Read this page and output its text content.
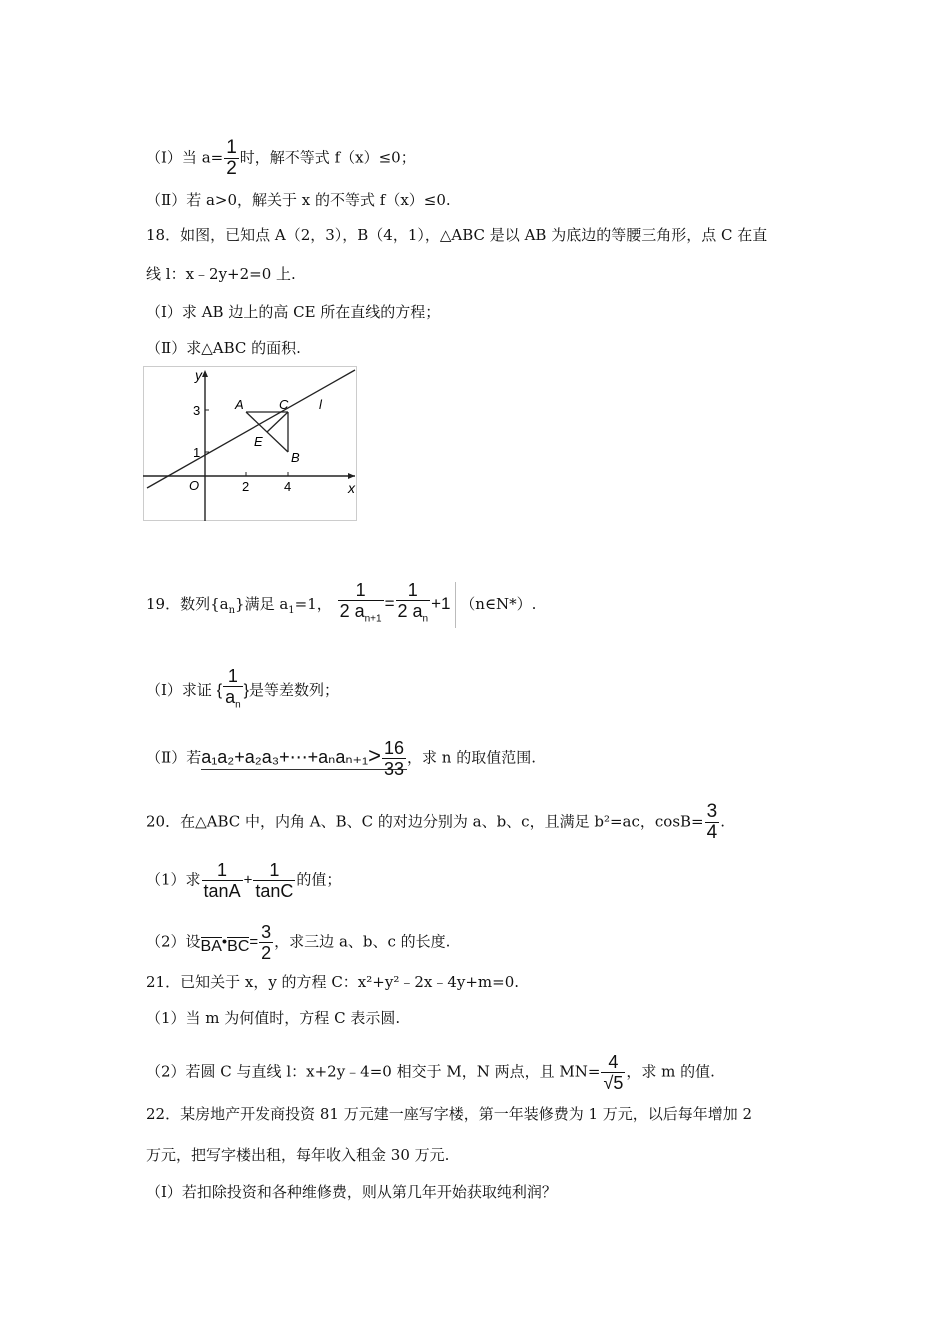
（Ⅰ）当 $a= \frac{1}{2}$ 时，解不等式 f（x）≤0；
（Ⅱ）若 a>0，解关于 x 的不等式 f（x）≤0.
18．如图，已知点 A（2，3），B（4，1），△ABC 是以 AB 为底边的等腰三角形，点 C 在直
线 l：x﹣2y+2=0 上.
（Ⅰ）求 AB 边上的高 CE 所在直线的方程；
（Ⅱ）求△ABC 的面积.
y
x
O	2	4
1
3	A	C
E
B
l
19．数列$\{a_n\}$满足 $a_1=1$， $\frac{1}{2 a_{n+1}} = \frac{1}{2 a_n} +1$ （n∈N*）.
（Ⅰ）求证 { $\frac{1}{a_n}$ }是等差数列；
（Ⅱ）若a₁a₂+a₂a₃+⋯+aₙaₙ₊₁> $\frac{16}{33}$ ，求 n 的取值范围.
20．在△ABC 中，内角 A、B、C 的对边分别为 a、b、c，且满足 b²=ac，$\cos B= \frac{3}{4}$ .
（1）求 $\frac{1}{\tan A} + \frac{1}{\tan C}$ 的值；
（2）设BA•BC= $\frac{3}{2}$ ，求三边 a、b、c 的长度.
21．已知关于 x，y 的方程 C：x²+y²﹣2x﹣4y+m=0.
（1）当 m 为何值时，方程 C 表示圆.
（2）若圆 C 与直线 l：x+2y﹣4=0 相交于 M，N 两点，且 $MN= \frac{4}{√5}$ ，求 m 的值.
22．某房地产开发商投资 81 万元建一座写字楼，第一年装修费为 1 万元，以后每年增加 2
万元，把写字楼出租，每年收入租金 30 万元.
（Ⅰ）若扣除投资和各种维修费，则从第几年开始获取纯利润？
